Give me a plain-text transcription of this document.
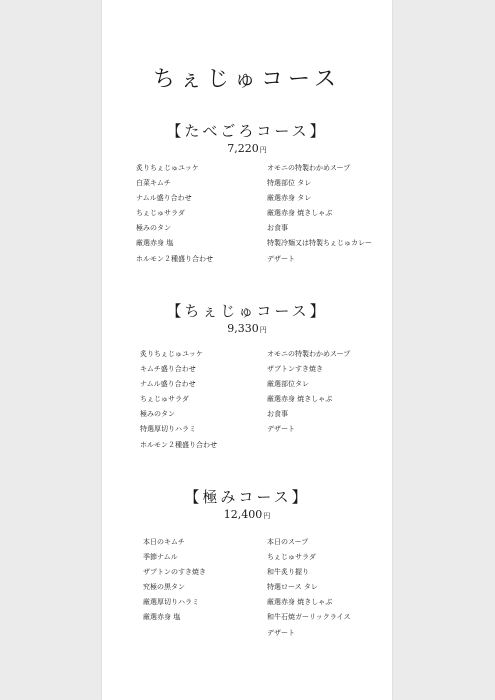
ちぇじゅコース
【たべごろコース】
7,220円
炙りちぇじゅユッケ
白菜キムチ
ナムル盛り合わせ
ちぇじゅサラダ
極みのタン
厳選赤身 塩
ホルモン２種盛り合わせ
オモニの特製わかめスープ
特選部位 タレ
厳選赤身 タレ
厳選赤身 焼きしゃぶ
お食事
特製冷麺又は特製ちぇじゅカレー
デザート
【ちぇじゅコース】
9,330円
炙りちぇじゅユッケ
キムチ盛り合わせ
ナムル盛り合わせ
ちぇじゅサラダ
極みのタン
特選厚切りハラミ
ホルモン２種盛り合わせ
オモニの特製わかめスープ
ザブトンすき焼き
厳選部位タレ
厳選赤身 焼きしゃぶ
お食事
デザート
【極みコース】
12,400円
本日のキムチ
季節ナムル
ザブトンのすき焼き
究極の黒タン
厳選厚切りハラミ
厳選赤身 塩
本日のスープ
ちぇじゅサラダ
和牛炙り握り
特選ロース タレ
厳選赤身 焼きしゃぶ
和牛石焼ガーリックライス
デザート
